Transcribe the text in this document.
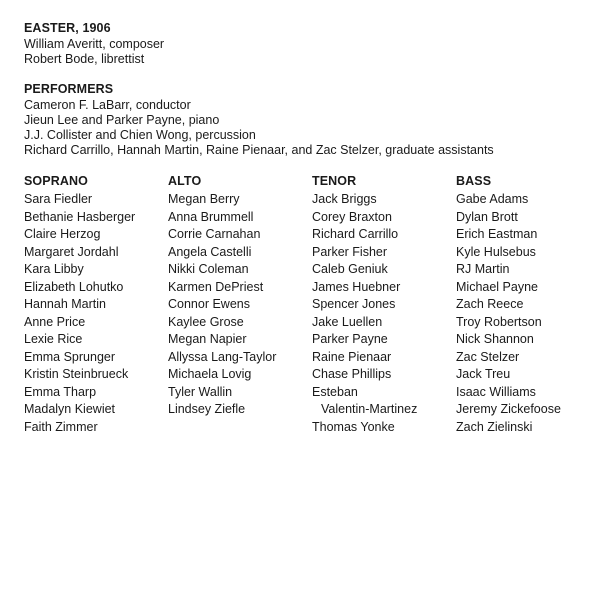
EASTER, 1906
William Averitt, composer
Robert Bode, librettist
PERFORMERS
Cameron F. LaBarr, conductor
Jieun Lee and Parker Payne, piano
J.J. Collister and Chien Wong, percussion
Richard Carrillo, Hannah Martin, Raine Pienaar, and Zac Stelzer, graduate assistants
SOPRANO
Sara Fiedler
Bethanie Hasberger
Claire Herzog
Margaret Jordahl
Kara Libby
Elizabeth Lohutko
Hannah Martin
Anne Price
Lexie Rice
Emma Sprunger
Kristin Steinbrueck
Emma Tharp
Madalyn Kiewiet
Faith Zimmer
ALTO
Megan Berry
Anna Brummell
Corrie Carnahan
Angela Castelli
Nikki Coleman
Karmen DePriest
Connor Ewens
Kaylee Grose
Megan Napier
Allyssa Lang-Taylor
Michaela Lovig
Tyler Wallin
Lindsey Ziefle
TENOR
Jack Briggs
Corey Braxton
Richard Carrillo
Parker Fisher
Caleb Geniuk
James Huebner
Spencer Jones
Jake Luellen
Parker Payne
Raine Pienaar
Chase Phillips
Esteban
Valentin-Martinez
Thomas Yonke
BASS
Gabe Adams
Dylan Brott
Erich Eastman
Kyle Hulsebus
RJ Martin
Michael Payne
Zach Reece
Troy Robertson
Nick Shannon
Zac Stelzer
Jack Treu
Isaac Williams
Jeremy Zickefoose
Zach Zielinski
